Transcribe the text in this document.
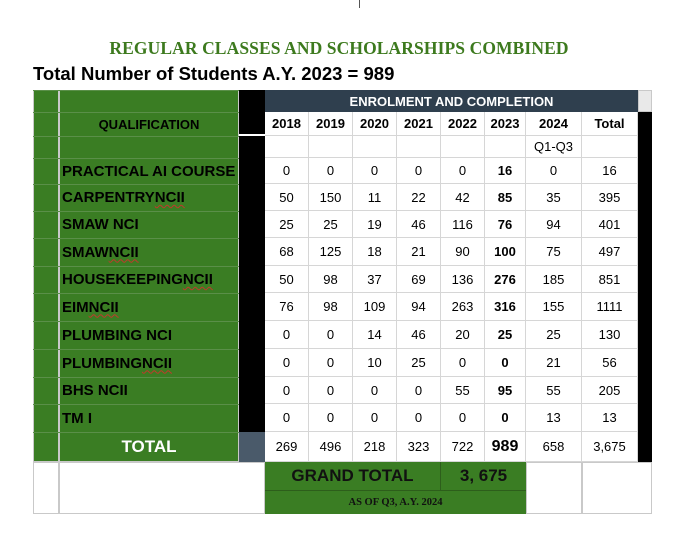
REGULAR CLASSES AND SCHOLARSHIPS COMBINED
Total Number of Students A.Y. 2023 = 989
ENROLMENT AND COMPLETION
QUALIFICATION	2018	2019	2020	2021	2022	2023	2024	Total
Q1-Q3
PRACTICAL AI COURSE	0	0	0	0	0	16	0	16
CARPENTRY NCII	50	150	11	22	42	85	35	395
SMAW NCI	25	25	19	46	116	76	94	401
SMAW NCII	68	125	18	21	90	100	75	497
HOUSEKEEPING NCII	50	98	37	69	136	276	185	851
EIM NCII	76	98	109	94	263	316	155	1111
PLUMBING NCI	0	0	14	46	20	25	25	130
PLUMBING NCII	0	0	10	25	0	0	21	56
BHS NCII	0	0	0	0	55	95	55	205
TM I	0	0	0	0	0	0	13	13
TOTAL	269	496	218	323	722	989	658	3,675
GRAND TOTAL	3, 675
AS OF Q3, A.Y. 2024
